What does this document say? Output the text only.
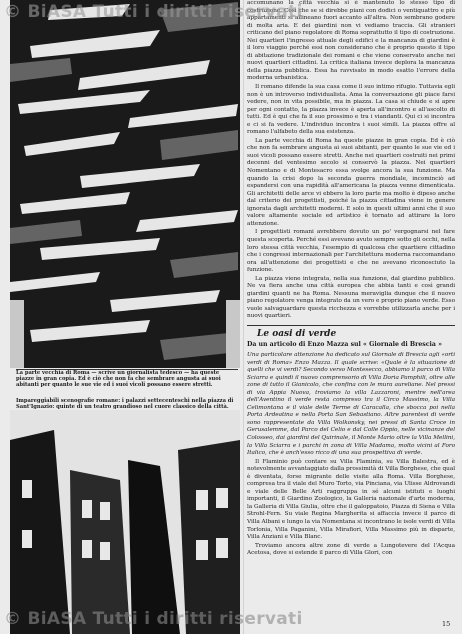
La parte vecchia di Roma — scrive un giornalista tedesco — ha queste piazze in gran copia. Ed è ciò che non fa che sembrare angusta ai suoi abitanti per quanto le sue vie ed i suoi vicoli possano essere stretti.
Impareggiabili scenografie romane: i palazzi settecenteschi nella piazza di Sant'Ignazio: quinte di un teatro grandioso nel cuore classico della città.

accomunano la città vecchia si è mantenuto lo stesso tipo di costruzione. Così che se si direbbe piani con dodici o ventiquattro e più appartamenti si allineano fuori accanto all'altra. Non sembrano godere di molta aria. E dei giardini non vi vediamo traccia. Gli stranieri criticano del piano regolatore di Roma soprattutto il tipo di costruzione. Nei quartieri l'ingresso attuale degli edifici e la mancanza di giardini è il loro viaggio perché essi non considerano che è proprio questo il tipo di abitazione tradizionale dei romani e che viene conservato anche nei nuovi quartieri cittadini. La critica italiana invece deplora la mancanza della piazza pubblica. Essa ha ravvisato in modo esatto l'errore della moderna urbanistica.

Il romano difende la sua casa come il suo intimo rifugio. Tuttavia egli non è un introverso individualista. Ama la conversazione gli piace farsi vedere, non in vita possibile, ma in piazza. La casa si chiude e si apre per ogni contatto, la piazza invece è aperta all'incontro e all'ascolto di tutti. Ed è qui che fa il suo prossimo e tra i viandanti. Qui ci si incontra e ci si fa vedere. L'individuo incontra i suoi simili. La piazza offre al romano l'alfabeto della sua esistenza.

La parte vecchia di Roma ha queste piazze in gran copia. Ed è ciò che non fa sembrare angusta ai suoi abitanti, per quanto le sue vie ed i suoi vicoli possano essere stretti. Anche nei quartieri costruiti nei primi decenni del ventesimo secolo si conservò la piazza. Nei quartieri Nomentano e di Montesacro essa svolge ancora la sua funzione. Ma quando la crisi dopo la seconda guerra mondiale, incominciò ad espandersi con una rapidità all'americana la piazza venne dimenticata. Gli architetti delle arce vi ebbero la loro parte ma molto è dipeso anche dal criterio dei progettisti, poiché la piazza cittadina viene in genere ignorata dagli architetti moderni. E solo in questi ultimi anni che il suo valore altamente sociale ed artistico è tornato ad attirare la loro attenzione.

I progettisti romani avrebbero dovuto un po' vergognarsi nel fare questa scoperta. Perché essi avevano avuto sempre sotto gli occhi, nella loro stessa città vecchia, l'esempio di qualcosa che quartiere cittadino che i congressi internazionali per l'architettura moderna raccomandano ora all'attenzione dei progettisti e che ne avevano riconosciuto la funzione.

La piazza viene integrata, nella sua funzione, dal giardino pubblico. Ne va fiera anche una città europea che abbia tanti e così grandi giardini quanti ne ha Roma. Nessuna meraviglia dunque che il nuovo piano regolatore venga integrato da un vero e proprio piano verde. Esso vuole salvaguardare questa ricchezza e vorrebbe utilizzarla anche per i nuovi quartieri.

Le oasi di verde
Da un articolo di Enzo Mazza sul « Giornale di Brescia »

Una particolare attenzione ha dedicato sul Giornale di Brescia agli «orti verdi di Roma» Enzo Mazza. Il quale scrive: «Quale è la situazione di quelli che vi verdi? Secondo verso Montesecco, abbiamo il parco di Villa Sciarra e quindi il nuovo comprensorio di Villa Doria Pamphili, oltre alle zone di tutto il Gianicolo, che confina con le mura aureliane. Nel pressi di via Appia Nuova, troviamo la villa Lazzaroni, mentre nell'area dell'Aventino il verde resta compreso tra il Circo Massimo, la Villa Celimontana e il viale delle Terme di Caracalla, che sbocca poi nella Porta Ardeatina e nella Porta San Sebastiano. Altre parentesi di verde sono rappresentate da Villa Wolkonsky, nei pressi di Santa Croce in Gerusalemme, dal Parco del Celio e dal Colle Oppio, nelle vicinanze del Colosseo, dai giardini del Quirinale, il Monte Mario oltre la Villa Mellini, la Villa Sciarra e i parchi in zona di Villa Madama, molto vicini al Foro Italico, che è anch'esso ricco di una sua prospettiva di verde.

Il Flaminio può contare su Villa Flaminia, su Villa Balestra, ed è notevolmente avvantaggiato dalla prossimità di Villa Borghese, che qual è diventata, forse migrante delle visite alla Roma. Villa Borghese, compresa tra il viale del Muro Torto, via Pinciana, via Ulisse Aldrovandi e viale delle Belle Arti raggruppa in sé alcuni istituti e luoghi importanti, il Giardino Zoologico, la Galleria nazionale d'arte moderna, la Galleria di Villa Giulia, oltre che il galoppatoio, Piazza di Siena e Villa Strohl-Fern. Su viale Regina Margherita si affaccia invece il parco di Villa Albani e lungo la via Nomentana si incontrano le isole verdi di Villa Torlonia, Villa Paganini, Villa Mirafiori, Villa Massimo più in disparte, Villa Anziani e Villa Blanc.

Troviamo ancora altre zone di verde a Lungotevere del l'Acqua Acetosa, dove si estende il parco di Villa Glori, con

15
© BiASA Tutti i diritti riservati
© BiASA Tutti i diritti riservati
